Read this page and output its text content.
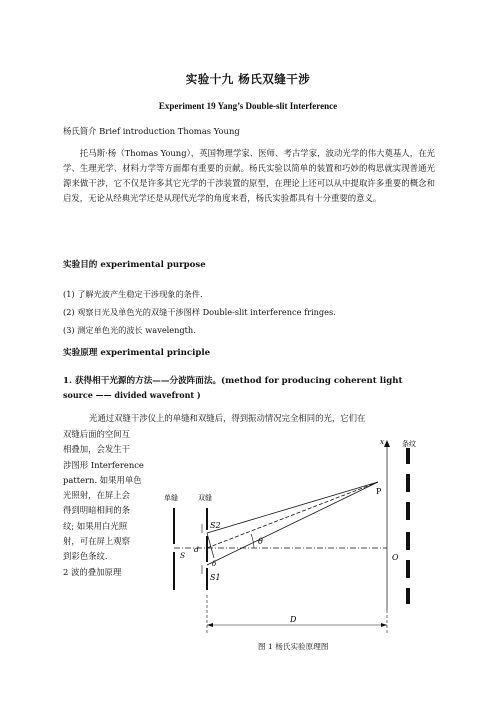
实验十九 杨氏双缝干涉
Experiment 19 Yang’s Double-slit Interference
杨氏简介 Brief introduction Thomas Young

托马斯·杨（Thomas Young），英国物理学家、医师、考古学家，波动光学的伟大奠基人，在光学、生理光学、材料力学等方面都有重要的贡献。杨氏实验以简单的装置和巧妙的构思就实现普通光源来做干涉，它不仅是许多其它光学的干涉装置的原型，在理论上还可以从中提取许多重要的概念和启发，无论从经典光学还是从现代光学的角度来看，杨氏实验都具有十分重要的意义。

实验目的 experimental purpose
(1) 了解光波产生稳定干涉现象的条件.
(2) 观察日光及单色光的双缝干涉图样 Double-slit interference fringes.
(3) 测定单色光的波长 wavelength.
实验原理 experimental principle
1. 获得相干光源的方法——分波阵面法。(method for producing coherent light
source —— divided wavefront )
光通过双缝干涉仪上的单缝和双缝后，得到振动情况完全相同的光，它们在
双缝后面的空间互
相叠加，会发生干
涉图形 Interference
pattern. 如果用单色
光照射，在屏上会
得到明暗相间的条
纹; 如果用白光照
射，可在屏上观察
到彩色条纹.
2 波的叠加原理
单缝	双缝
条纹
x
P
S2
S1
S
d
θ
δ
O
D
图 1 杨氏实验原理图
